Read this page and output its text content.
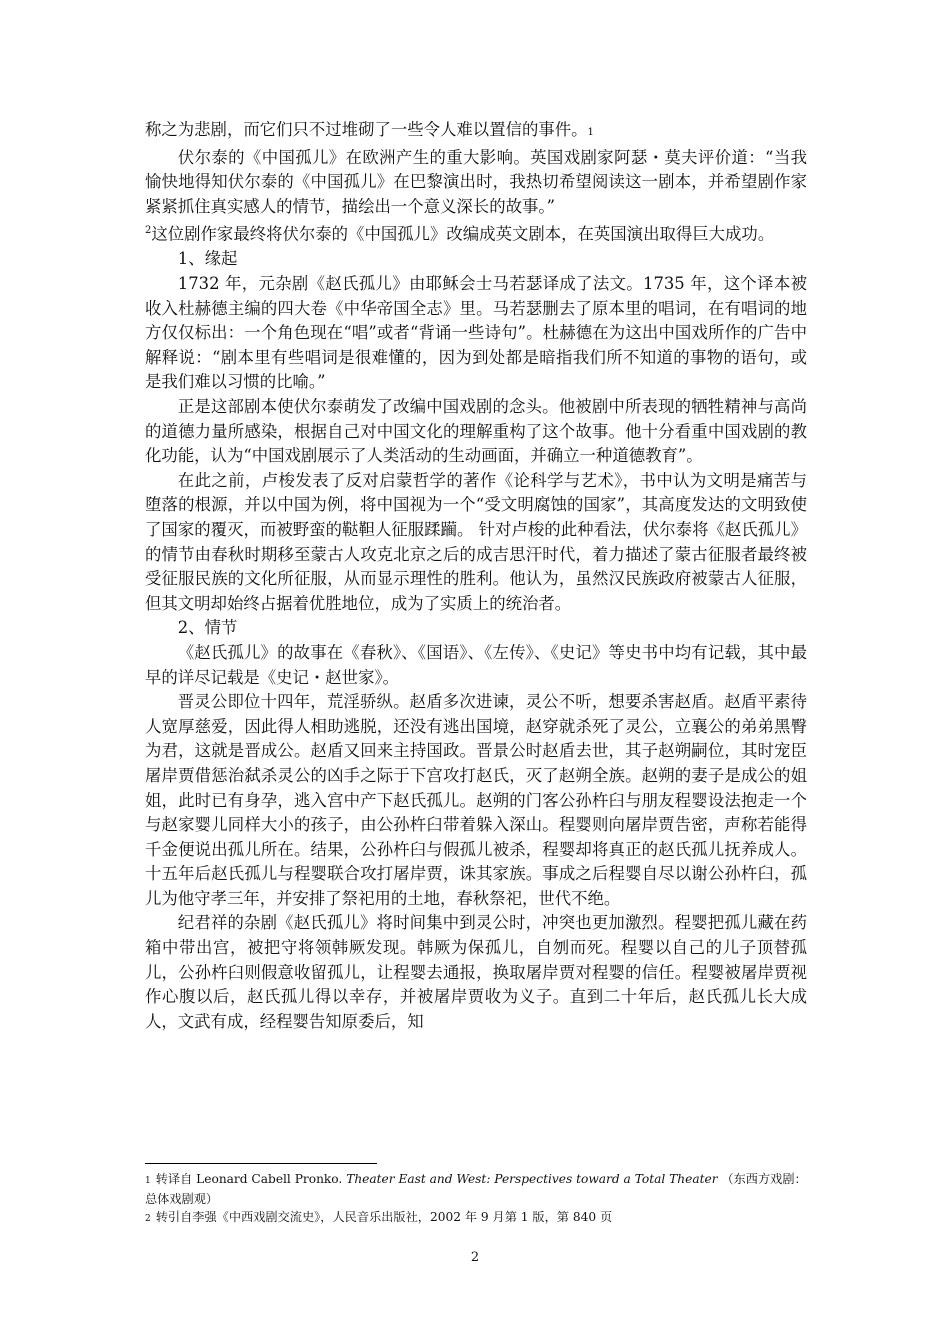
称之为悲剧，而它们只不过堆砌了一些令人难以置信的事件。1

伏尔泰的《中国孤儿》在欧洲产生的重大影响。英国戏剧家阿瑟・莫夫评价道：“当我愉快地得知伏尔泰的《中国孤儿》在巴黎演出时，我热切希望阅读这一剧本，并希望剧作家紧紧抓住真实感人的情节，描绘出一个意义深长的故事。”

$^2$这位剧作家最终将伏尔泰的《中国孤儿》改编成英文剧本，在英国演出取得巨大成功。

1、缘起

1732 年，元杂剧《赵氏孤儿》由耶稣会士马若瑟译成了法文。1735 年，这个译本被收入杜赫德主编的四大卷《中华帝国全志》里。马若瑟删去了原本里的唱词，在有唱词的地方仅仅标出：一个角色现在“唱”或者“背诵一些诗句”。杜赫德在为这出中国戏所作的广告中解释说：“剧本里有些唱词是很难懂的，因为到处都是暗指我们所不知道的事物的语句，或是我们难以习惯的比喻。”

正是这部剧本使伏尔泰萌发了改编中国戏剧的念头。他被剧中所表现的牺牲精神与高尚的道德力量所感染，根据自己对中国文化的理解重构了这个故事。他十分看重中国戏剧的教化功能，认为“中国戏剧展示了人类活动的生动画面，并确立一种道德教育”。

在此之前，卢梭发表了反对启蒙哲学的著作《论科学与艺术》，书中认为文明是痛苦与堕落的根源，并以中国为例，将中国视为一个“受文明腐蚀的国家”，其高度发达的文明致使了国家的覆灭，而被野蛮的鞑靼人征服蹂躏。 针对卢梭的此种看法，伏尔泰将《赵氏孤儿》的情节由春秋时期移至蒙古人攻克北京之后的成吉思汗时代，着力描述了蒙古征服者最终被受征服民族的文化所征服，从而显示理性的胜利。他认为，虽然汉民族政府被蒙古人征服，但其文明却始终占据着优胜地位，成为了实质上的统治者。

2、情节

《赵氏孤儿》的故事在《春秋》、《国语》、《左传》、《史记》等史书中均有记载，其中最早的详尽记载是《史记・赵世家》。

晋灵公即位十四年，荒淫骄纵。赵盾多次进谏，灵公不听，想要杀害赵盾。赵盾平素待人宽厚慈爱，因此得人相助逃脱，还没有逃出国境，赵穿就杀死了灵公，立襄公的弟弟黑臀为君，这就是晋成公。赵盾又回来主持国政。晋景公时赵盾去世，其子赵朔嗣位，其时宠臣屠岸贾借惩治弑杀灵公的凶手之际于下宫攻打赵氏，灭了赵朔全族。赵朔的妻子是成公的姐姐，此时已有身孕，逃入宫中产下赵氏孤儿。赵朔的门客公孙杵臼与朋友程婴设法抱走一个与赵家婴儿同样大小的孩子，由公孙杵臼带着躲入深山。程婴则向屠岸贾告密，声称若能得千金便说出孤儿所在。结果，公孙杵臼与假孤儿被杀，程婴却将真正的赵氏孤儿抚养成人。十五年后赵氏孤儿与程婴联合攻打屠岸贾，诛其家族。事成之后程婴自尽以谢公孙杵臼，孤儿为他守孝三年，并安排了祭祀用的土地，春秋祭祀，世代不绝。

纪君祥的杂剧《赵氏孤儿》将时间集中到灵公时，冲突也更加激烈。程婴把孤儿藏在药箱中带出宫，被把守将领韩厥发现。韩厥为保孤儿，自刎而死。程婴以自己的儿子顶替孤儿，公孙杵臼则假意收留孤儿，让程婴去通报，换取屠岸贾对程婴的信任。程婴被屠岸贾视作心腹以后，赵氏孤儿得以幸存，并被屠岸贾收为义子。直到二十年后，赵氏孤儿长大成人，文武有成，经程婴告知原委后，知

1 转译自 Leonard Cabell Pronko. Theater East and West: Perspectives toward a Total Theater （东西方戏剧：总体戏剧观）

2 转引自李强《中西戏剧交流史》，人民音乐出版社，2002 年 9 月第 1 版，第 840 页

2
